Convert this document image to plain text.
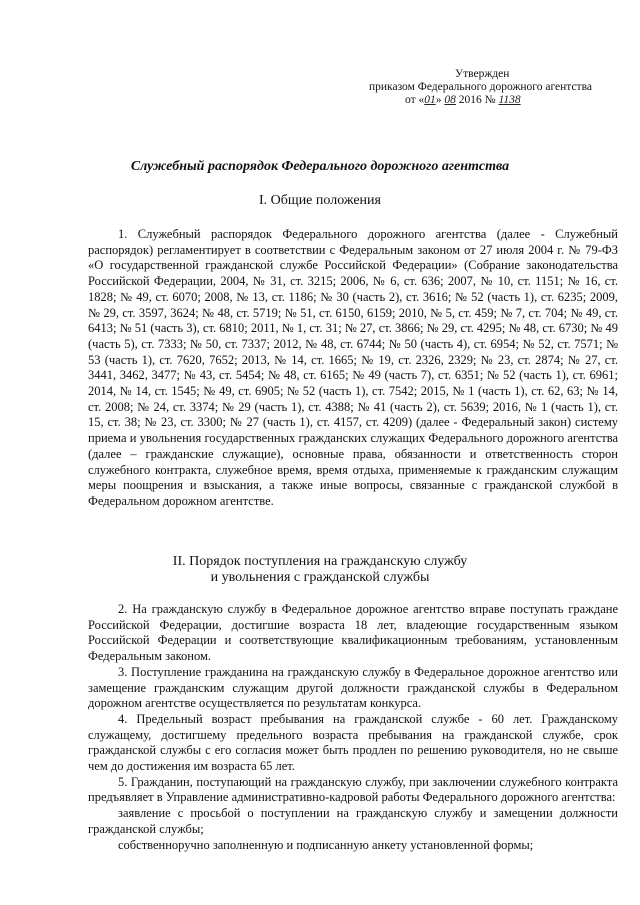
Утвержден
приказом Федерального дорожного агентства
от «01» 08 2016 № 1138
Служебный распорядок Федерального дорожного агентства
I. Общие положения

1. Служебный распорядок Федерального дорожного агентства (далее - Служебный распорядок) регламентирует в соответствии с Федеральным законом от 27 июля 2004 г. № 79-ФЗ «О государственной гражданской службе Российской Федерации» (Собрание законодательства Российской Федерации, 2004, № 31, ст. 3215; 2006, № 6, ст. 636; 2007, № 10, ст. 1151; № 16, ст. 1828; № 49, ст. 6070; 2008, № 13, ст. 1186; № 30 (часть 2), ст. 3616; № 52 (часть 1), ст. 6235; 2009, № 29, ст. 3597, 3624; № 48, ст. 5719; № 51, ст. 6150, 6159; 2010, № 5, ст. 459; № 7, ст. 704; № 49, ст. 6413; № 51 (часть 3), ст. 6810; 2011, № 1, ст. 31; № 27, ст. 3866; № 29, ст. 4295; № 48, ст. 6730; № 49 (часть 5), ст. 7333; № 50, ст. 7337; 2012, № 48, ст. 6744; № 50 (часть 4), ст. 6954; № 52, ст. 7571; № 53 (часть 1), ст. 7620, 7652; 2013, № 14, ст. 1665; № 19, ст. 2326, 2329; № 23, ст. 2874; № 27, ст. 3441, 3462, 3477; № 43, ст. 5454; № 48, ст. 6165; № 49 (часть 7), ст. 6351; № 52 (часть 1), ст. 6961; 2014, № 14, ст. 1545; № 49, ст. 6905; № 52 (часть 1), ст. 7542; 2015, № 1 (часть 1), ст. 62, 63; № 14, ст. 2008; № 24, ст. 3374; № 29 (часть 1), ст. 4388; № 41 (часть 2), ст. 5639; 2016, № 1 (часть 1), ст. 15, ст. 38; № 23, ст. 3300; № 27 (часть 1), ст. 4157, ст. 4209) (далее - Федеральный закон) систему приема и увольнения государственных гражданских служащих Федерального дорожного агентства (далее – гражданские служащие), основные права, обязанности и ответственность сторон служебного контракта, служебное время, время отдыха, применяемые к гражданским служащим меры поощрения и взыскания, а также иные вопросы, связанные с гражданской службой в Федеральном дорожном агентстве.

II. Порядок поступления на гражданскую службу
и увольнения с гражданской службы

2. На гражданскую службу в Федеральное дорожное агентство вправе поступать граждане Российской Федерации, достигшие возраста 18 лет, владеющие государственным языком Российской Федерации и соответствующие квалификационным требованиям, установленным Федеральным законом.

3. Поступление гражданина на гражданскую службу в Федеральное дорожное агентство или замещение гражданским служащим другой должности гражданской службы в Федеральном дорожном агентстве осуществляется по результатам конкурса.

4. Предельный возраст пребывания на гражданской службе - 60 лет. Гражданскому служащему, достигшему предельного возраста пребывания на гражданской службе, срок гражданской службы с его согласия может быть продлен по решению руководителя, но не свыше чем до достижения им возраста 65 лет.

5. Гражданин, поступающий на гражданскую службу, при заключении служебного контракта предъявляет в Управление административно-кадровой работы Федерального дорожного агентства:

заявление с просьбой о поступлении на гражданскую службу и замещении должности гражданской службы;

собственноручно заполненную и подписанную анкету установленной формы;
